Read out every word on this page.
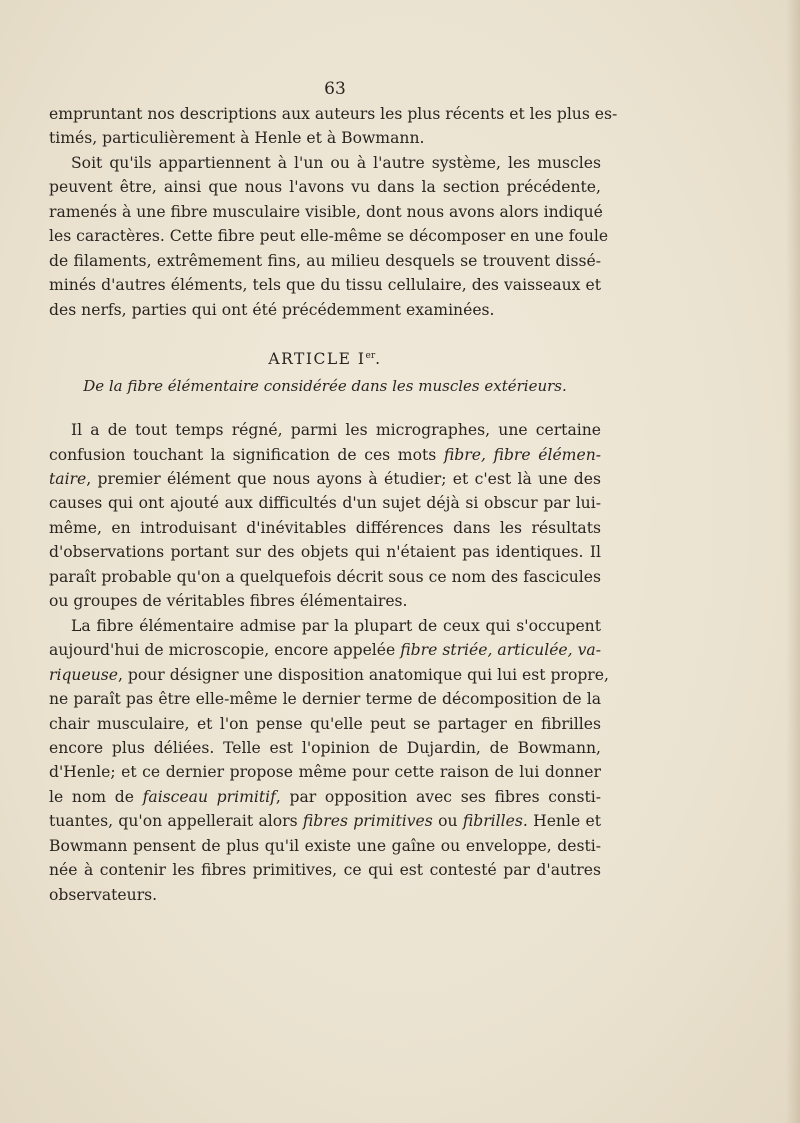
63

empruntant nos descriptions aux auteurs les plus récents et les plus es-
timés, particulièrement à Henle et à Bowmann.

Soit qu'ils appartiennent à l'un ou à l'autre système, les muscles
peuvent être, ainsi que nous l'avons vu dans la section précédente,
ramenés à une fibre musculaire visible, dont nous avons alors indiqué
les caractères. Cette fibre peut elle-même se décomposer en une foule
de filaments, extrêmement fins, au milieu desquels se trouvent dissé-
minés d'autres éléments, tels que du tissu cellulaire, des vaisseaux et
des nerfs, parties qui ont été précédemment examinées.

ARTICLE Ier.
De la fibre élémentaire considérée dans les muscles extérieurs.

Il a de tout temps régné, parmi les micrographes, une certaine
confusion touchant la signification de ces mots fibre, fibre élémen-
taire, premier élément que nous ayons à étudier; et c'est là une des
causes qui ont ajouté aux difficultés d'un sujet déjà si obscur par lui-
même, en introduisant d'inévitables différences dans les résultats
d'observations portant sur des objets qui n'étaient pas identiques. Il
paraît probable qu'on a quelquefois décrit sous ce nom des fascicules
ou groupes de véritables fibres élémentaires.

La fibre élémentaire admise par la plupart de ceux qui s'occupent
aujourd'hui de microscopie, encore appelée fibre striée, articulée, va-
riqueuse, pour désigner une disposition anatomique qui lui est propre,
ne paraît pas être elle-même le dernier terme de décomposition de la
chair musculaire, et l'on pense qu'elle peut se partager en fibrilles
encore plus déliées. Telle est l'opinion de Dujardin, de Bowmann,
d'Henle; et ce dernier propose même pour cette raison de lui donner
le nom de faisceau primitif, par opposition avec ses fibres consti-
tuantes, qu'on appellerait alors fibres primitives ou fibrilles. Henle et
Bowmann pensent de plus qu'il existe une gaîne ou enveloppe, desti-
née à contenir les fibres primitives, ce qui est contesté par d'autres
observateurs.
